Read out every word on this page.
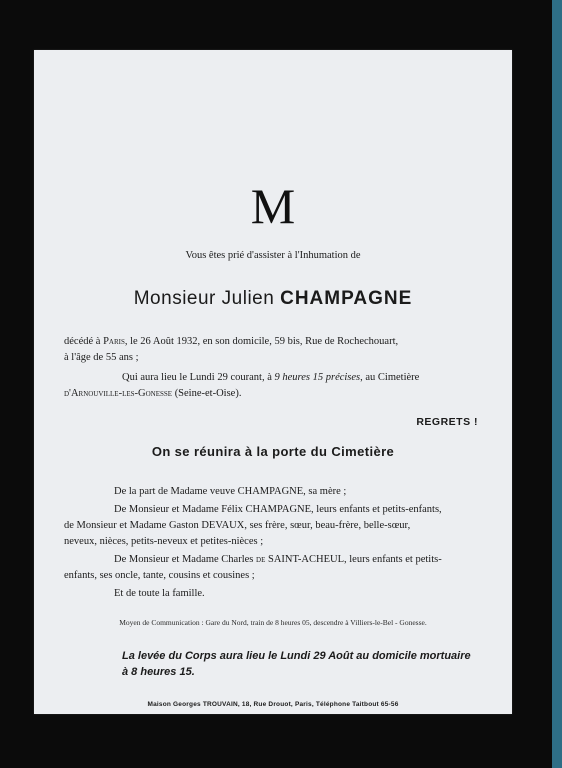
M
Vous êtes prié d'assister à l'Inhumation de
Monsieur Julien CHAMPAGNE
décédé à Paris, le 26 Août 1932, en son domicile, 59 bis, Rue de Rochechouart,
à l'âge de 55 ans ;
Qui aura lieu le Lundi 29 courant, à 9 heures 15 précises, au Cimetière
d'Arnouville-les-Gonesse (Seine-et-Oise).
REGRETS !
On se réunira à la porte du Cimetière
De la part de Madame veuve CHAMPAGNE, sa mère ;
De Monsieur et Madame Félix CHAMPAGNE, leurs enfants et petits-enfants,
de Monsieur et Madame Gaston DEVAUX, ses frère, sœur, beau-frère, belle-sœur,
neveux, nièces, petits-neveux et petites-nièces ;
De Monsieur et Madame Charles de SAINT-ACHEUL, leurs enfants et petits-
enfants, ses oncle, tante, cousins et cousines ;
Et de toute la famille.
Moyen de Communication : Gare du Nord, train de 8 heures 05, descendre à Villiers-le-Bel - Gonesse.
La levée du Corps aura lieu le Lundi 29 Août au domicile mortuaire
à 8 heures 15.
Maison Georges TROUVAIN, 18, Rue Drouot, Paris, Téléphone Taitbout 65-56
